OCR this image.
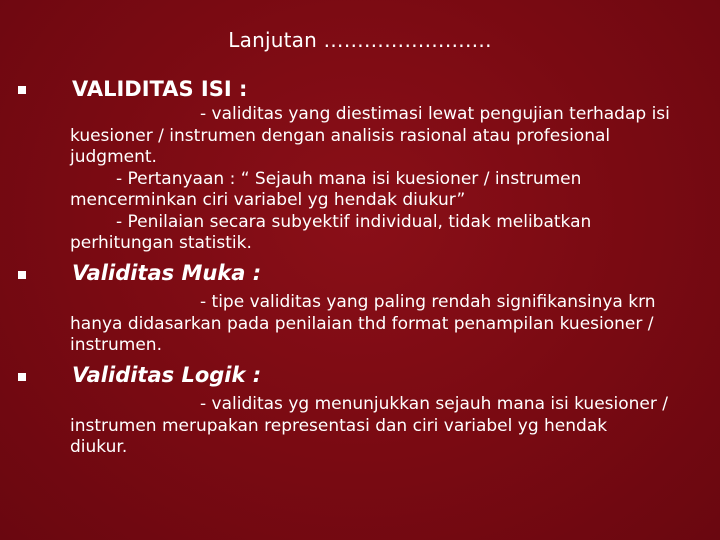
Lanjutan …………………….
VALIDITAS ISI :
- validitas yang diestimasi lewat pengujian terhadap isi
kuesioner / instrumen dengan analisis rasional atau profesional
judgment.
- Pertanyaan : “ Sejauh mana isi kuesioner / instrumen
mencerminkan ciri variabel yg hendak diukur”
- Penilaian secara subyektif individual, tidak melibatkan
perhitungan statistik.
Validitas Muka :
- tipe validitas yang paling rendah signifikansinya krn
hanya didasarkan pada penilaian thd format penampilan kuesioner /
instrumen.
Validitas Logik :
- validitas yg menunjukkan sejauh mana isi kuesioner /
instrumen merupakan representasi dan ciri variabel yg hendak
diukur.
